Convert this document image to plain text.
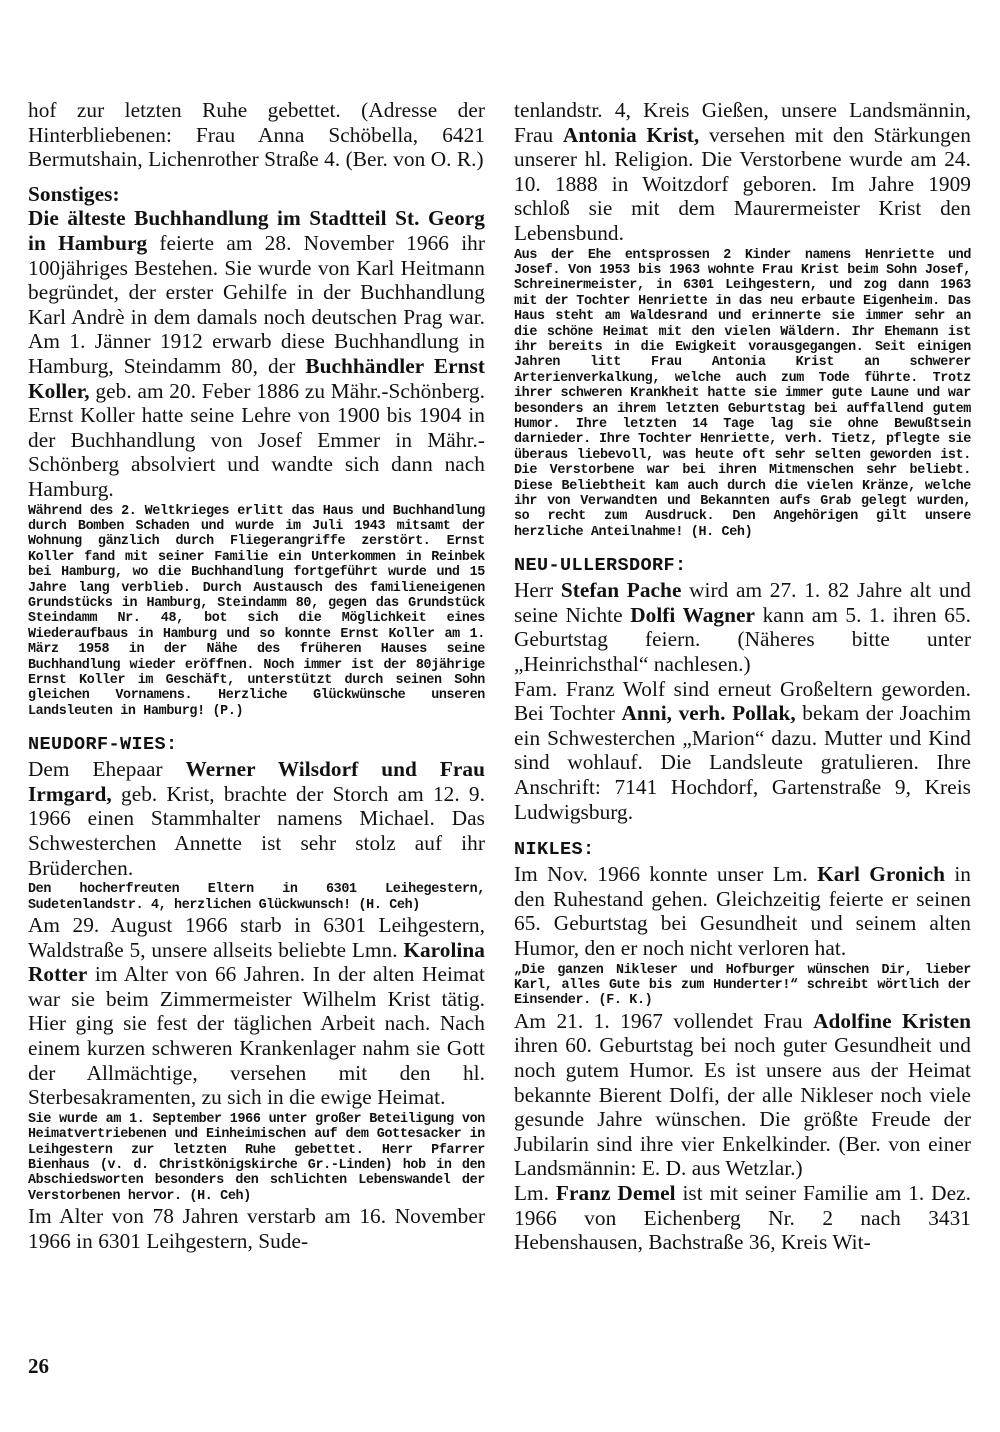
hof zur letzten Ruhe gebettet. (Adresse der Hinterbliebenen: Frau Anna Schöbella, 6421 Bermutshain, Lichenrother Straße 4. (Ber. von O. R.)

Sonstiges:

Die älteste Buchhandlung im Stadtteil St. Georg in Hamburg feierte am 28. November 1966 ihr 100jähriges Bestehen. Sie wurde von Karl Heitmann begründet, der erster Gehilfe in der Buchhandlung Karl Andrè in dem damals noch deutschen Prag war. Am 1. Jänner 1912 erwarb diese Buchhandlung in Hamburg, Steindamm 80, der Buchhändler Ernst Koller, geb. am 20. Feber 1886 zu Mähr.-Schönberg. Ernst Koller hatte seine Lehre von 1900 bis 1904 in der Buchhandlung von Josef Emmer in Mähr.-Schönberg absolviert und wandte sich dann nach Hamburg.

Während des 2. Weltkrieges erlitt das Haus und Buchhandlung durch Bomben Schaden und wurde im Juli 1943 mitsamt der Wohnung gänzlich durch Fliegerangriffe zerstört. Ernst Koller fand mit seiner Familie ein Unterkommen in Reinbek bei Hamburg, wo die Buchhandlung fortgeführt wurde und 15 Jahre lang verblieb. Durch Austausch des familieneigenen Grundstücks in Hamburg, Steindamm 80, gegen das Grundstück Steindamm Nr. 48, bot sich die Möglichkeit eines Wiederaufbaus in Hamburg und so konnte Ernst Koller am 1. März 1958 in der Nähe des früheren Hauses seine Buchhandlung wieder eröffnen. Noch immer ist der 80jährige Ernst Koller im Geschäft, unterstützt durch seinen Sohn gleichen Vornamens. Herzliche Glückwünsche unseren Landsleuten in Hamburg! (P.)

NEUDORF-WIES:

Dem Ehepaar Werner Wilsdorf und Frau Irmgard, geb. Krist, brachte der Storch am 12. 9. 1966 einen Stammhalter namens Michael. Das Schwesterchen Annette ist sehr stolz auf ihr Brüderchen.

Den hocherfreuten Eltern in 6301 Leihegestern, Sudetenlandstr. 4, herzlichen Glückwunsch! (H. Ceh)

Am 29. August 1966 starb in 6301 Leihgestern, Waldstraße 5, unsere allseits beliebte Lmn. Karolina Rotter im Alter von 66 Jahren. In der alten Heimat war sie beim Zimmermeister Wilhelm Krist tätig. Hier ging sie fest der täglichen Arbeit nach. Nach einem kurzen schweren Krankenlager nahm sie Gott der Allmächtige, versehen mit den hl. Sterbesakramenten, zu sich in die ewige Heimat.

Sie wurde am 1. September 1966 unter großer Beteiligung von Heimatvertriebenen und Einheimischen auf dem Gottesacker in Leihgestern zur letzten Ruhe gebettet. Herr Pfarrer Bienhaus (v. d. Christkönigskirche Gr.-Linden) hob in den Abschiedsworten besonders den schlichten Lebenswandel der Verstorbenen hervor. (H. Ceh)

Im Alter von 78 Jahren verstarb am 16. November 1966 in 6301 Leihgestern, Sude-

tenlandstr. 4, Kreis Gießen, unsere Landsmännin, Frau Antonia Krist, versehen mit den Stärkungen unserer hl. Religion. Die Verstorbene wurde am 24. 10. 1888 in Woitzdorf geboren. Im Jahre 1909 schloß sie mit dem Maurermeister Krist den Lebensbund.

Aus der Ehe entsprossen 2 Kinder namens Henriette und Josef. Von 1953 bis 1963 wohnte Frau Krist beim Sohn Josef, Schreinermeister, in 6301 Leihgestern, und zog dann 1963 mit der Tochter Henriette in das neu erbaute Eigenheim. Das Haus steht am Waldesrand und erinnerte sie immer sehr an die schöne Heimat mit den vielen Wäldern. Ihr Ehemann ist ihr bereits in die Ewigkeit vorausgegangen. Seit einigen Jahren litt Frau Antonia Krist an schwerer Arterienverkalkung, welche auch zum Tode führte. Trotz ihrer schweren Krankheit hatte sie immer gute Laune und war besonders an ihrem letzten Geburtstag bei auffallend gutem Humor. Ihre letzten 14 Tage lag sie ohne Bewußtsein darnieder. Ihre Tochter Henriette, verh. Tietz, pflegte sie überaus liebevoll, was heute oft sehr selten geworden ist. Die Verstorbene war bei ihren Mitmenschen sehr beliebt. Diese Beliebtheit kam auch durch die vielen Kränze, welche ihr von Verwandten und Bekannten aufs Grab gelegt wurden, so recht zum Ausdruck. Den Angehörigen gilt unsere herzliche Anteilnahme! (H. Ceh)

NEU-ULLERSDORF:

Herr Stefan Pache wird am 27. 1. 82 Jahre alt und seine Nichte Dolfi Wagner kann am 5. 1. ihren 65. Geburtstag feiern. (Näheres bitte unter „Heinrichsthal“ nachlesen.)

Fam. Franz Wolf sind erneut Großeltern geworden. Bei Tochter Anni, verh. Pollak, bekam der Joachim ein Schwesterchen „Marion“ dazu. Mutter und Kind sind wohlauf. Die Landsleute gratulieren. Ihre Anschrift: 7141 Hochdorf, Gartenstraße 9, Kreis Ludwigsburg.

NIKLES:

Im Nov. 1966 konnte unser Lm. Karl Gronich in den Ruhestand gehen. Gleichzeitig feierte er seinen 65. Geburtstag bei Gesundheit und seinem alten Humor, den er noch nicht verloren hat.

„Die ganzen Nikleser und Hofburger wünschen Dir, lieber Karl, alles Gute bis zum Hunderter!“ schreibt wörtlich der Einsender. (F. K.)

Am 21. 1. 1967 vollendet Frau Adolfine Kristen ihren 60. Geburtstag bei noch guter Gesundheit und noch gutem Humor. Es ist unsere aus der Heimat bekannte Bierent Dolfi, der alle Nikleser noch viele gesunde Jahre wünschen. Die größte Freude der Jubilarin sind ihre vier Enkelkinder. (Ber. von einer Landsmännin: E. D. aus Wetzlar.)

Lm. Franz Demel ist mit seiner Familie am 1. Dez. 1966 von Eichenberg Nr. 2 nach 3431 Hebenshausen, Bachstraße 36, Kreis Wit-

26
